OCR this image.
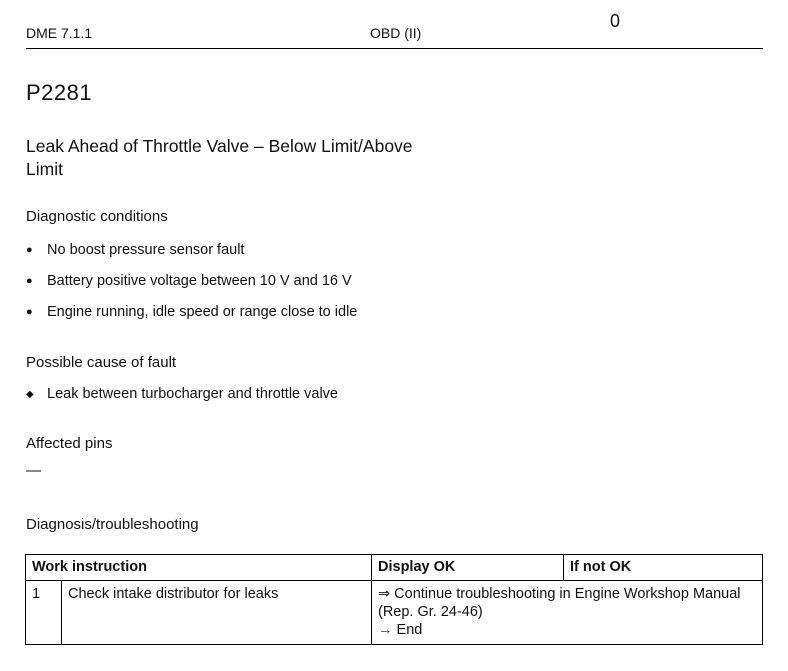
DME 7.1.1	OBD (II)
0
P2281
Leak Ahead of Throttle Valve – Below Limit/Above Limit
Diagnostic conditions
● No boost pressure sensor fault
● Battery positive voltage between 10 V and 16 V
● Engine running, idle speed or range close to idle
Possible cause of fault
◆ Leak between turbocharger and throttle valve
Affected pins
—
Diagnosis/troubleshooting
Work instruction		Display OK	If not OK
1	Check intake distributor for leaks	⇒ Continue troubleshooting in Engine Workshop Manual
(Rep. Gr. 24-46)
→ End	
